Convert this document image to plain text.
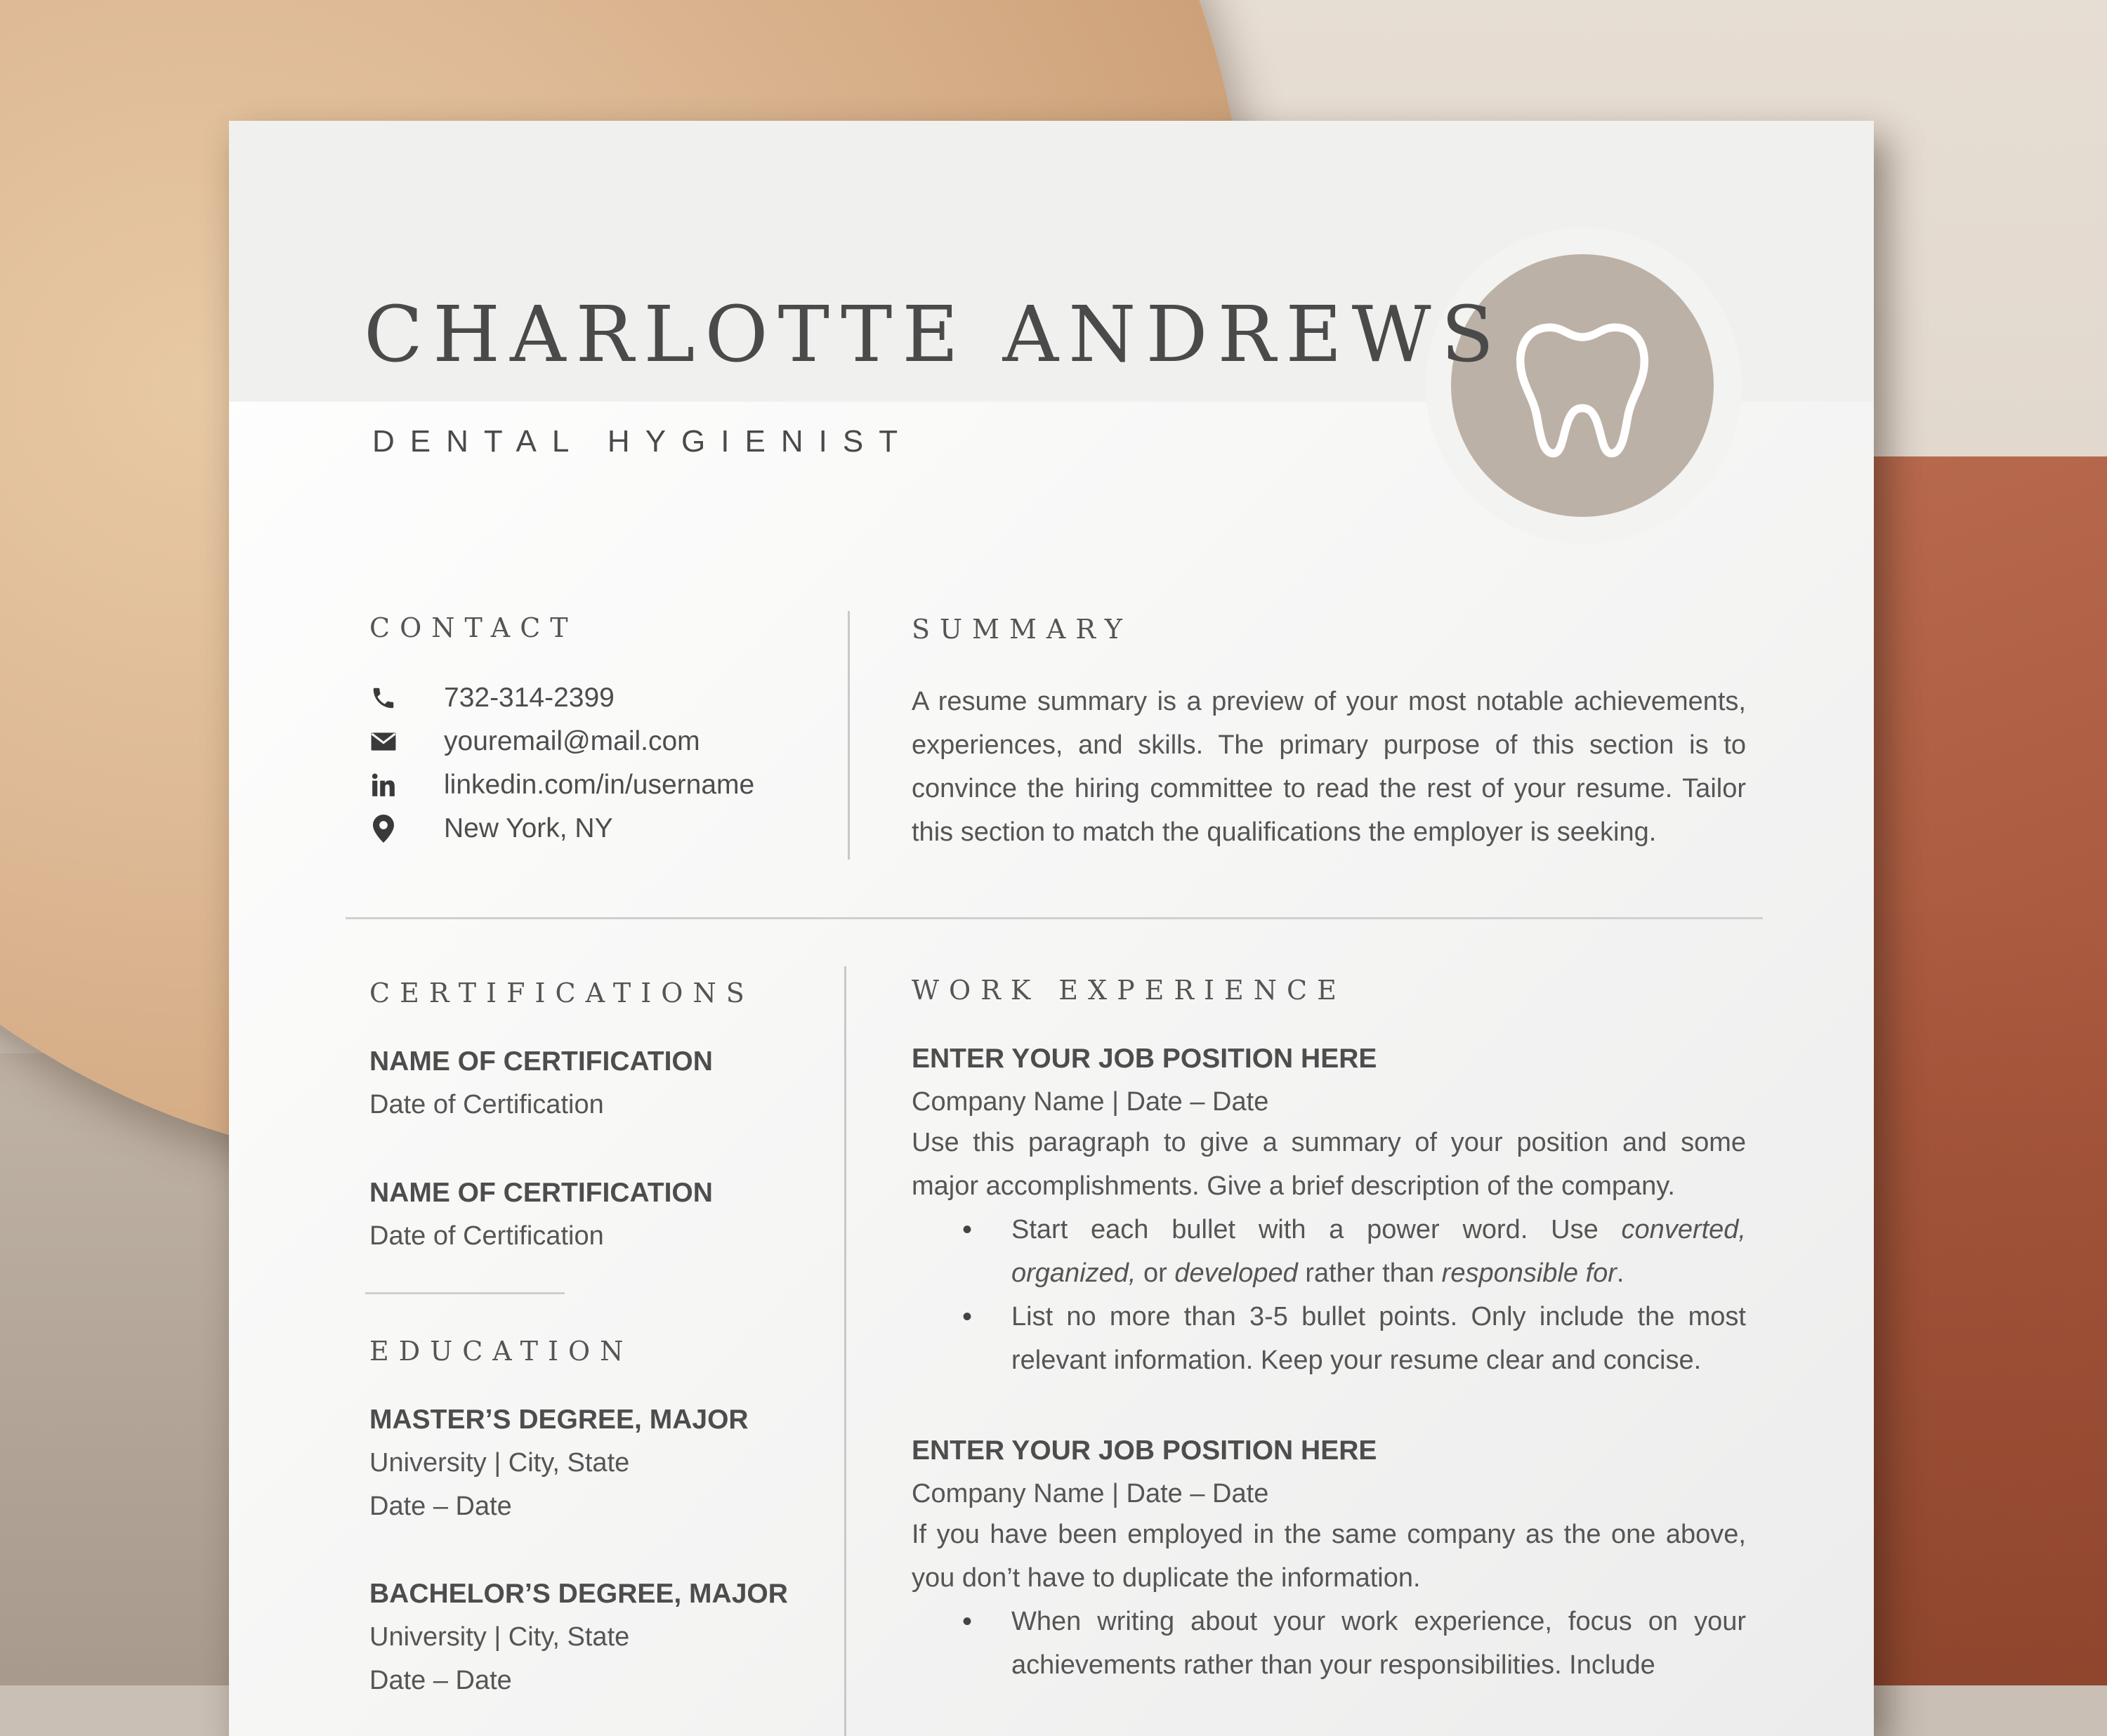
CHARLOTTE ANDREWS
DENTAL HYGIENIST
CONTACT
732-314-2399
youremail@mail.com
linkedin.com/in/username
New York, NY
SUMMARY

A resume summary is a preview of your most notable achievements, experiences, and skills. The primary purpose of this section is to convince the hiring committee to read the rest of your resume. Tailor this section to match the qualifications the employer is seeking.

CERTIFICATIONS
NAME OF CERTIFICATION
Date of Certification
NAME OF CERTIFICATION
Date of Certification
EDUCATION
MASTER’S DEGREE, MAJOR
University | City, State
Date – Date
BACHELOR’S DEGREE, MAJOR
University | City, State
Date – Date
WORK EXPERIENCE
ENTER YOUR JOB POSITION HERE
Company Name | Date – Date

Use this paragraph to give a summary of your position and some major accomplishments. Give a brief description of the company.

• Start each bullet with a power word. Use converted, organized, or developed rather than responsible for.

• List no more than 3-5 bullet points. Only include the most relevant information. Keep your resume clear and concise.

ENTER YOUR JOB POSITION HERE
Company Name | Date – Date

If you have been employed in the same company as the one above, you don’t have to duplicate the information.

• When writing about your work experience, focus on your achievements rather than your responsibilities. Include
